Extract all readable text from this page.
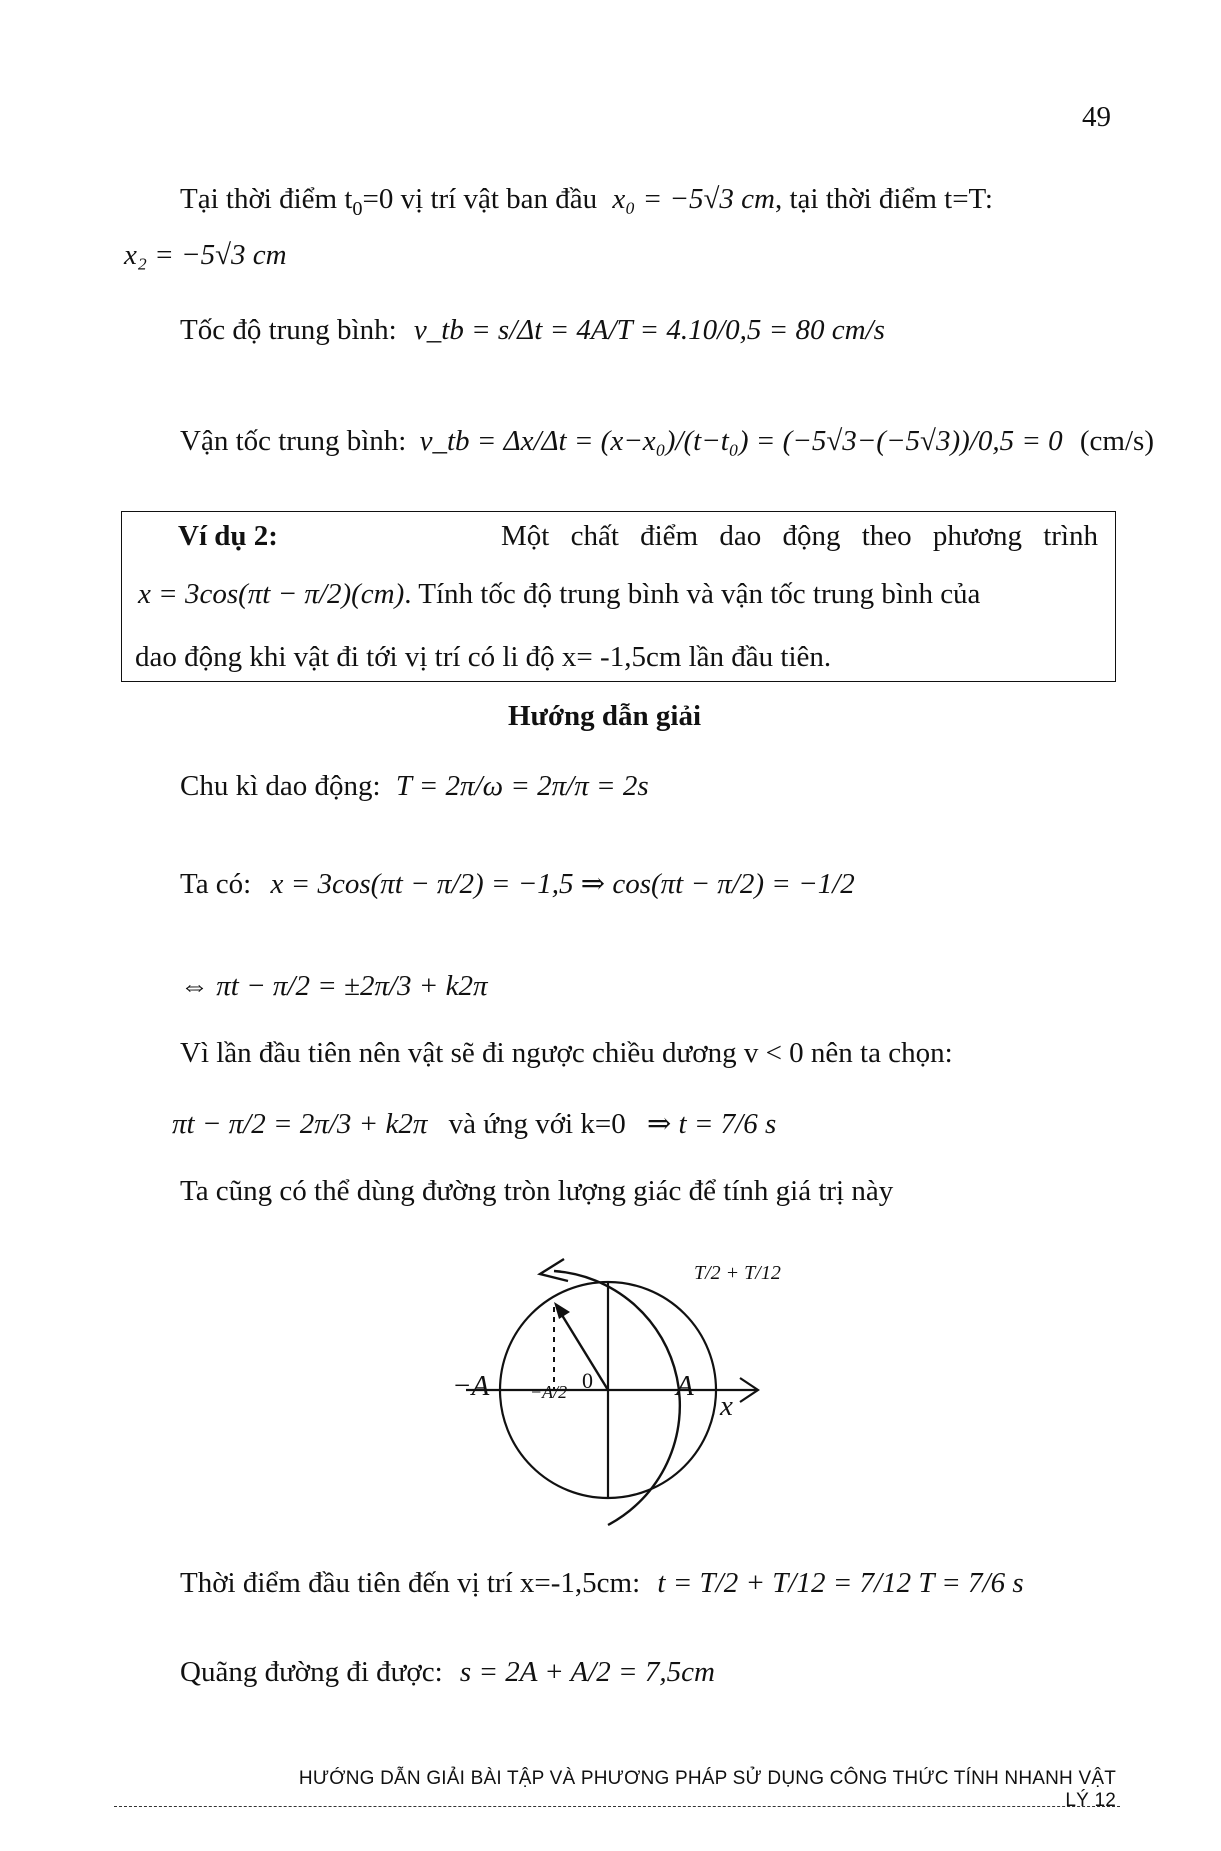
49
Tại thời điểm $t_0=0$ vị trí vật ban đầu x₀ = −5√3 cm, tại thời điểm t=T:
x₂ = −5√3 cm
Tốc độ trung bình: v_tb = s/Δt = 4A/T = 4.10/0,5 = 80 cm/s
Vận tốc trung bình: v_tb = Δx/Δt = (x−x₀)/(t−t₀) = (−5√3−(−5√3))/0,5 = 0 (cm/s)
Ví dụ 2:	Một chất điểm dao động theo phương trình
x = 3cos(πt − π/2)(cm). Tính tốc độ trung bình và vận tốc trung bình của
dao động khi vật đi tới vị trí có li độ x= -1,5cm lần đầu tiên.
Hướng dẫn giải
Chu kì dao động: T = 2π/ω = 2π/π = 2s
Ta có: x = 3cos(πt − π/2) = −1,5 ⇒ cos(πt − π/2) = −1/2
⇔ πt − π/2 = ±2π/3 + k2π
Vì lần đầu tiên nên vật sẽ đi ngược chiều dương v < 0 nên ta chọn:
πt − π/2 = 2π/3 + k2π và ứng với k=0 ⇒ t = 7/6 s
Ta cũng có thể dùng đường tròn lượng giác để tính giá trị này
−A	A
x
0
−A/2
T/2 + T/12
Thời điểm đầu tiên đến vị trí x=-1,5cm: t = T/2 + T/12 = 7/12 T = 7/6 s
Quãng đường đi được: s = 2A + A/2 = 7,5cm
HƯỚNG DẪN GIẢI BÀI TẬP VÀ PHƯƠNG PHÁP SỬ DỤNG CÔNG THỨC TÍNH NHANH VẬT LÝ 12
